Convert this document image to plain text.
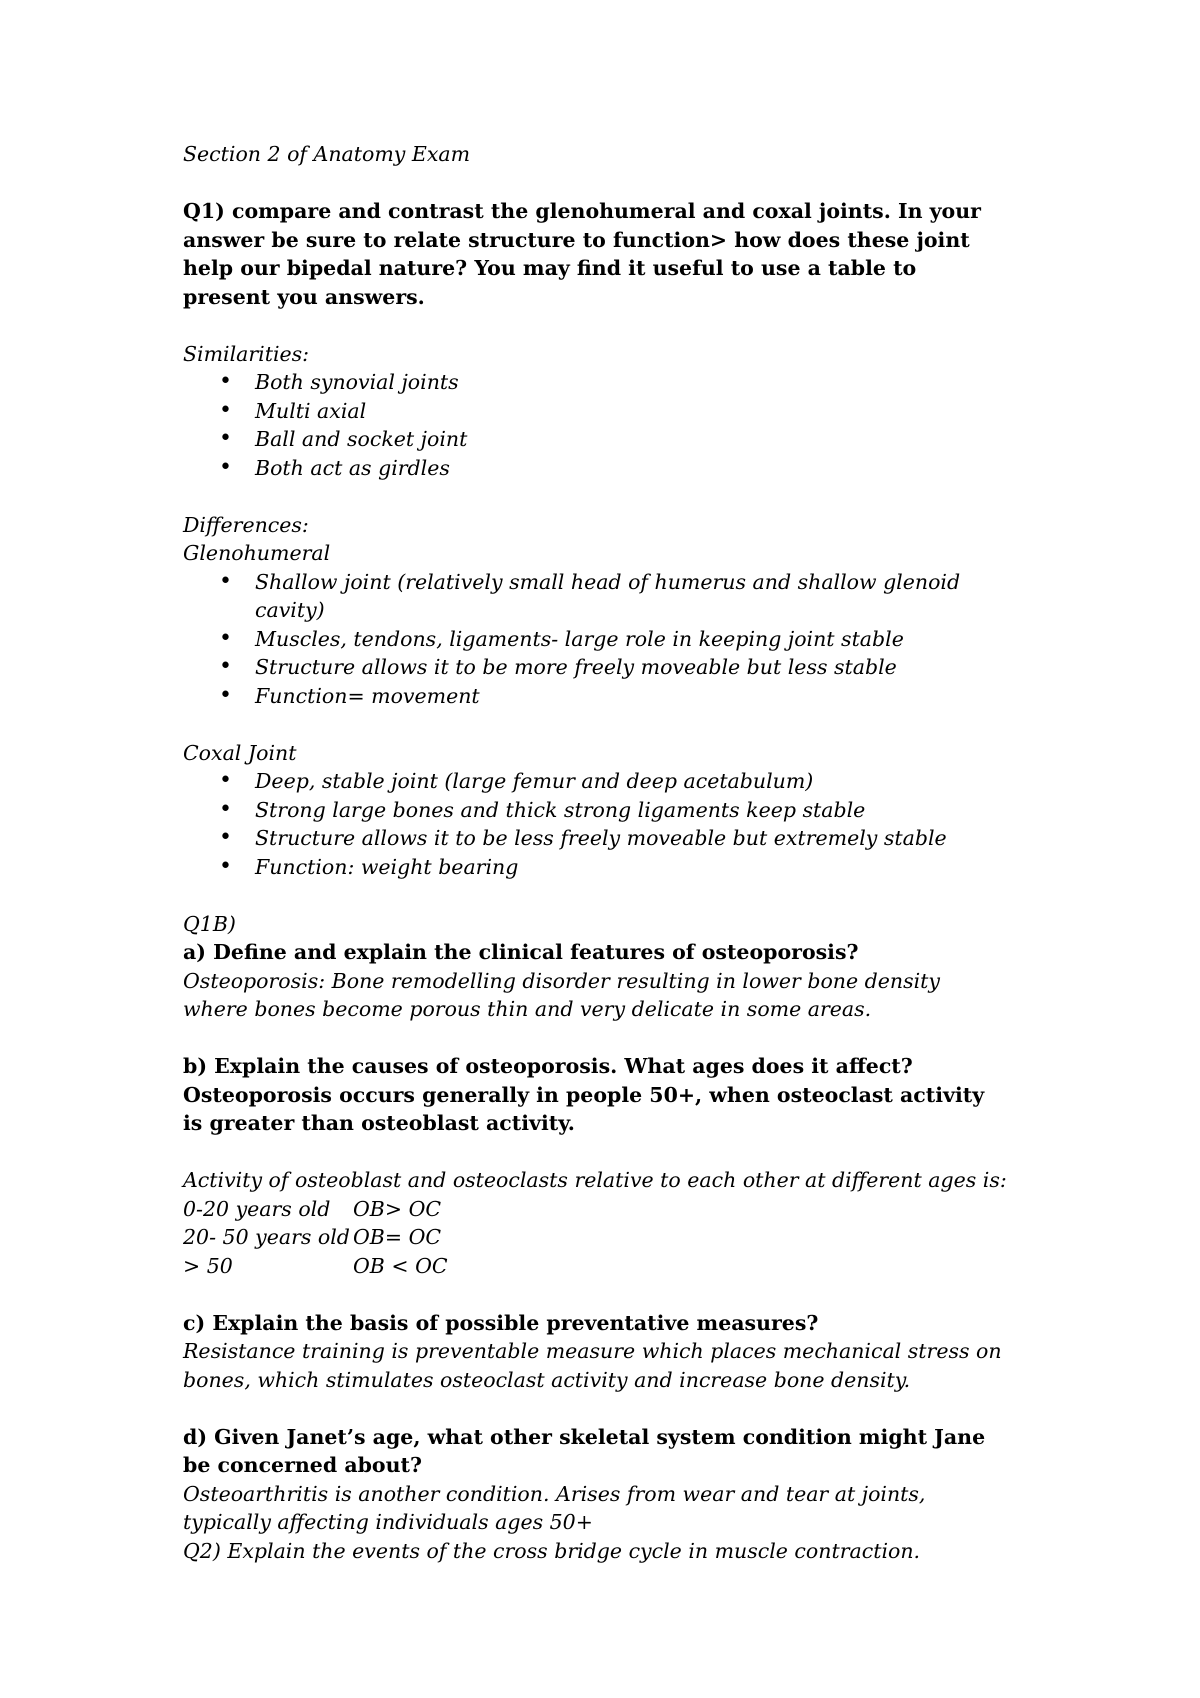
Section 2 of Anatomy Exam

Q1) compare and contrast the glenohumeral and coxal joints. In your answer be sure to relate structure to function> how does these joint help our bipedal nature? You may find it useful to use a table to present you answers.

Similarities:

• Both synovial joints
• Multi axial
• Ball and socket joint
• Both act as girdles

Differences:

Glenohumeral

• Shallow joint (relatively small head of humerus and shallow glenoid cavity)
• Muscles, tendons, ligaments- large role in keeping joint stable
• Structure allows it to be more freely moveable but less stable
• Function= movement

Coxal Joint

• Deep, stable joint (large femur and deep acetabulum)
• Strong large bones and thick strong ligaments keep stable
• Structure allows it to be less freely moveable but extremely stable
• Function: weight bearing

Q1B)

a) Define and explain the clinical features of osteoporosis?

Osteoporosis: Bone remodelling disorder resulting in lower bone density where bones become porous thin and very delicate in some areas.

b) Explain the causes of osteoporosis. What ages does it affect? Osteoporosis occurs generally in people 50+, when osteoclast activity is greater than osteoblast activity.

Activity of osteoblast and osteoclasts relative to each other at different ages is:

0-20 years old	OB> OC
20- 50 years old OB= OC
> 50	OB < OC

c) Explain the basis of possible preventative measures?

Resistance training is preventable measure which places mechanical stress on bones, which stimulates osteoclast activity and increase bone density.

d) Given Janet’s age, what other skeletal system condition might Jane be concerned about?

Osteoarthritis is another condition. Arises from wear and tear at joints, typically affecting individuals ages 50+

Q2) Explain the events of the cross bridge cycle in muscle contraction.
